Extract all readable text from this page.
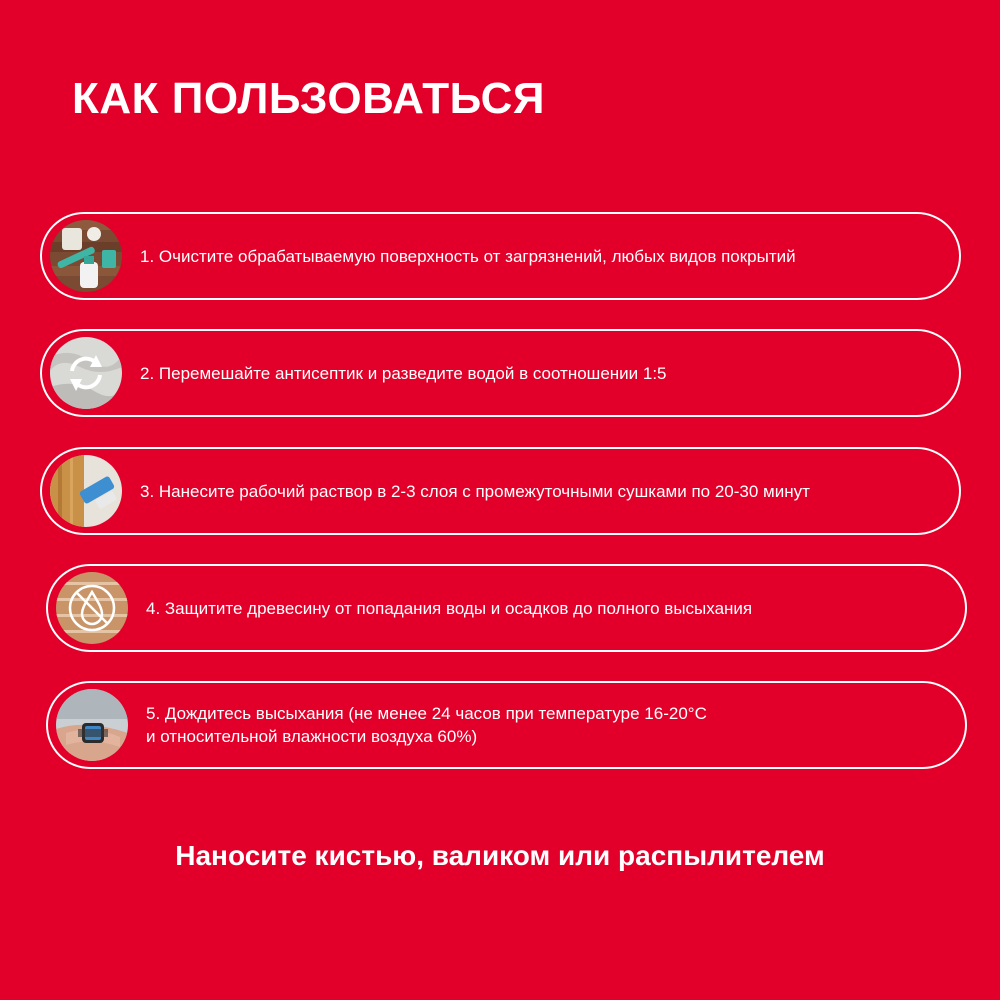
КАК ПОЛЬЗОВАТЬСЯ
1. Очистите обрабатываемую поверхность от загрязнений, любых видов покрытий
2. Перемешайте антисептик и разведите водой в соотношении 1:5
3. Нанесите рабочий раствор в 2-3 слоя с промежуточными сушками по 20-30 минут
4. Защитите древесину от попадания воды и осадков до полного высыхания
5. Дождитесь высыхания (не менее 24 часов при температуре 16-20°С
и относительной влажности воздуха 60%)
Наносите кистью, валиком или распылителем
